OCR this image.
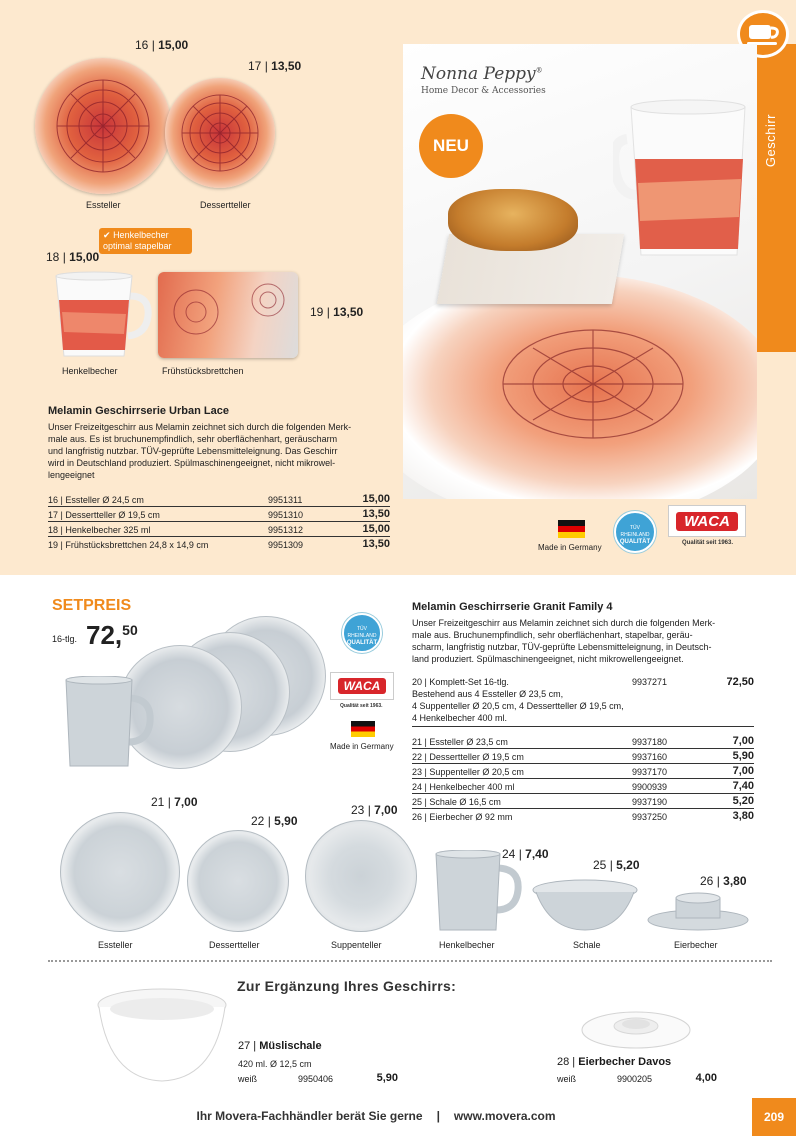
Geschirr
16 | 15,00
17 | 13,50
Essteller	Dessertteller
✔ Henkelbecher
optimal stapelbar
18 | 15,00
Henkelbecher	Frühstücksbrettchen
19 | 13,50
Melamin Geschirrserie Urban Lace
Unser Freizeitgeschirr aus Melamin zeichnet sich durch die folgenden Merk-
male aus. Es ist bruchunempfindlich, sehr oberflächenhart, geräuscharm
und langfristig nutzbar. TÜV-geprüfte Lebensmitteleignung. Das Geschirr
wird in Deutschland produziert. Spülmaschinengeeignet, nicht mikrowel-
lengeeignet
16 | Essteller Ø 24,5 cm	9951311	15,00
17 | Dessertteller Ø 19,5 cm	9951310	13,50
18 | Henkelbecher 325 ml	9951312	15,00
19 | Frühstücksbrettchen 24,8 x 14,9 cm	9951309	13,50
Nonna Peppy®
Home Decor & Accessories
NEU
Made in Germany
TÜV RHEINLAND
QUALITÄT
WACA
Qualität seit 1963.
SETPREIS
16-tlg. 72,50	TÜV RHEINLAND
QUALITÄT
WACA
Qualität seit 1963.
Made in Germany
Melamin Geschirrserie Granit Family 4
Unser Freizeitgeschirr aus Melamin zeichnet sich durch die folgenden Merk-
male aus. Bruchunempfindlich, sehr oberflächenhart, stapelbar, geräu-
scharm, langfristig nutzbar, TÜV-geprüfte Lebensmitteleignung, in Deutsch-
land produziert. Spülmaschinengeeignet, nicht mikrowellengeeignet.
20 | Komplett-Set 16-tlg.	9937271	72,50
Bestehend aus 4 Essteller Ø 23,5 cm,
4 Suppenteller Ø 20,5 cm, 4 Dessertteller Ø 19,5 cm,
4 Henkelbecher 400 ml.
21 | Essteller Ø 23,5 cm	9937180	7,00
22 | Dessertteller Ø 19,5 cm	9937160	5,90
23 | Suppenteller Ø 20,5 cm	9937170	7,00
24 | Henkelbecher 400 ml	9900939	7,40
25 | Schale Ø 16,5 cm	9937190	5,20
26 | Eierbecher Ø 92 mm	9937250	3,80
21 | 7,00
22 | 5,90
23 | 7,00
24 | 7,40
25 | 5,20
26 | 3,80
Essteller	Dessertteller	Suppenteller	Henkelbecher	Schale	Eierbecher
Zur Ergänzung Ihres Geschirrs:
27 | Müslischale
420 ml. Ø 12,5 cm
weiß	9950406	5,90
28 | Eierbecher Davos
weiß	9900205	4,00
Ihr Movera-Fachhändler berät Sie gerne | www.movera.com	209
